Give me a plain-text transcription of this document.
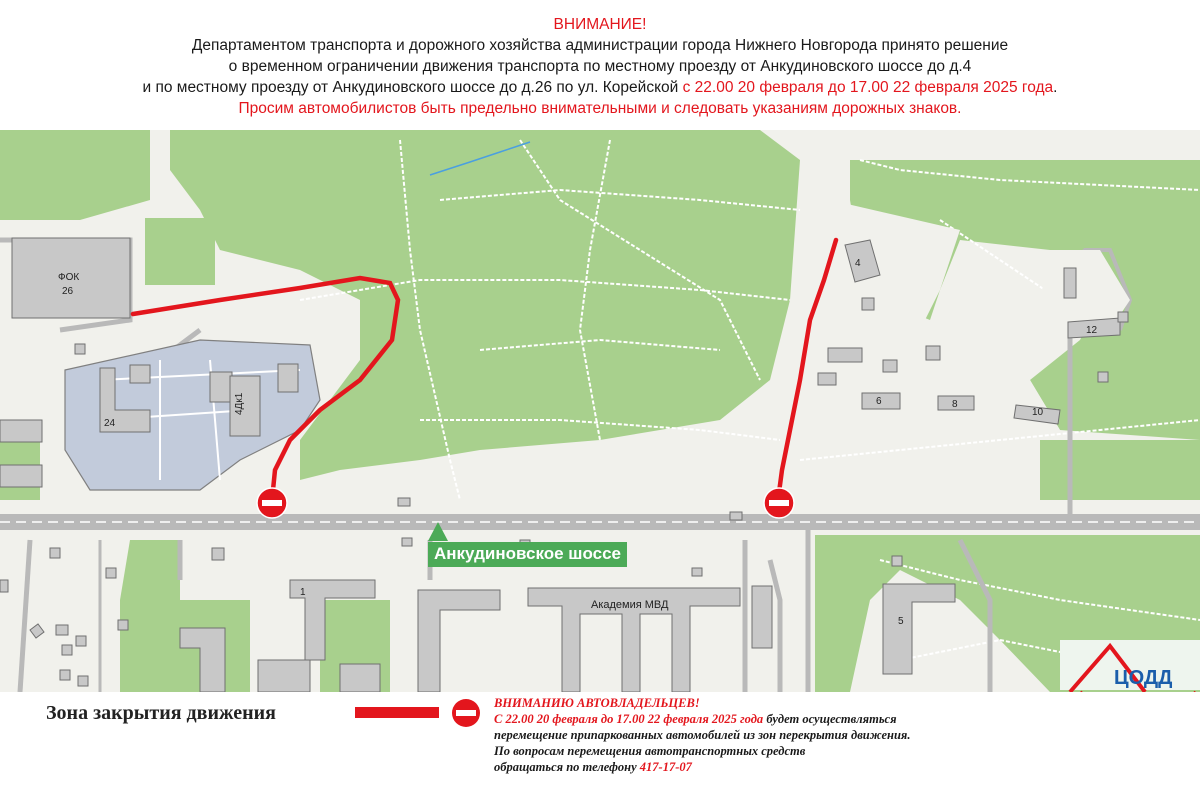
ВНИМАНИЕ!
Департаментом транспорта и дорожного хозяйства администрации города Нижнего Новгорода принято решение
о временном ограничении движения транспорта по местному проезду от Анкудиновского шоссе до д.4
и по местному проезду от Анкудиновского шоссе до д.26 по ул. Корейской с 22.00 20 февраля до 17.00 22 февраля 2025 года.
Просим автомобилистов быть предельно внимательными и следовать указаниям дорожных знаков.
ФОК
26
24
4Дк1
4
6	8
10
12
1
Академия МВД
5
Анкудиновское шоссе
ЦОДД
Зона закрытия движения	ВНИМАНИЮ АВТОВЛАДЕЛЬЦЕВ!
С 22.00 20 февраля до 17.00 22 февраля 2025 года будет осуществляться
перемещение припаркованных автомобилей из зон перекрытия движения.
По вопросам перемещения автотранспортных средств
обращаться по телефону 417-17-07
